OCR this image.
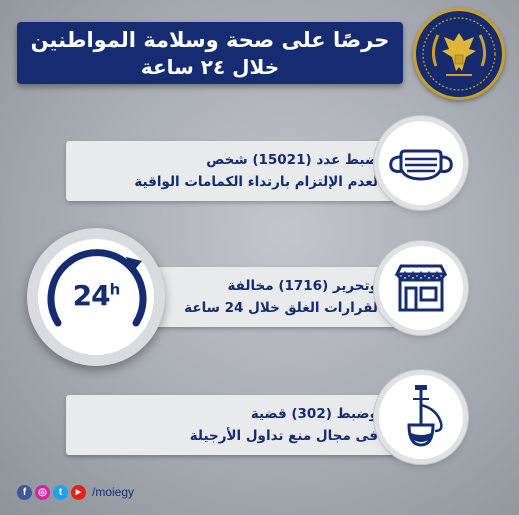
حرصًا على صحة وسلامة المواطنين
خلال ٢٤ ساعة
ضبط عدد (15021) شخص
لعدم الإلتزام بارتداء الكمامات الواقية
وتحرير (1716) مخالفة
لقرارات الغلق خلال 24 ساعة
وضبط (302) قضية
فى مجال منع تداول الأرجيلة
24$^h$
f	◎	t	▶ /moiegy
